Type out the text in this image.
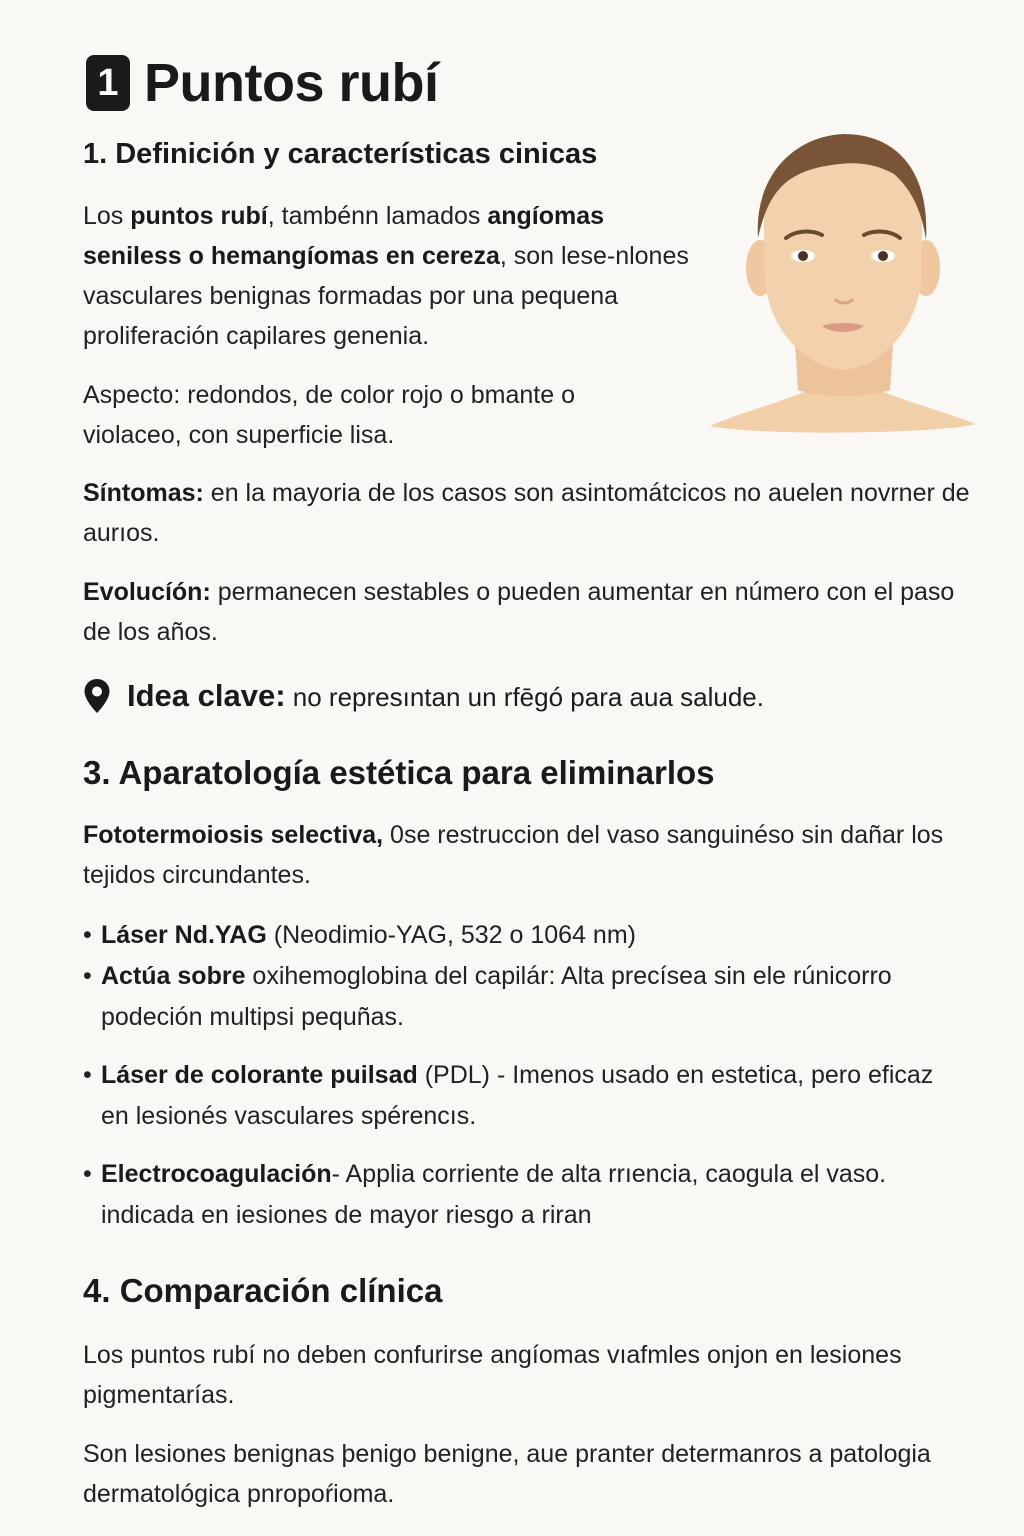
1 Puntos rubí
1. Definición y características cinicas

Los puntos rubí, tambénn lamados angíomas seniless o hemangíomas en cereza, son lese-nlones vasculares benignas formadas por una pequena proliferación capilares genenia.

Aspecto: redondos, de color rojo o bmante o violaceo, con superficie lisa.

Síntomas: en la mayoria de los casos son asintomátcicos no auelen novrner de aurıos.

Evolucíón: permanecen sestables o pueden aumentar en número con el paso de los años.

Idea clave: no represıntan un rfēgó para aua salude.
3. Aparatología estética para eliminarlos

Fototermoiosis selectiva, 0se restruccion del vaso sanguinéso sin dañar los tejidos circundantes.

• Láser Nd.YAG (Neodimio-YAG, 532 o 1064 nm)
• Actúa sobre oxihemoglobina del capilár: Alta precísea sin ele rúnicorro podeción multipsi pequñas.
• Láser de colorante puilsad (PDL) - Imenos usado en estetica, pero eficaz en lesionés vasculares spérencıs.
• Electrocoagulación- Applia corriente de alta rrıencia, caogula el vaso. indicada en iesiones de mayor riesgo a riran
4. Comparación clínica

Los puntos rubí no deben confurirse angíomas vıafmles onjon en lesiones pigmentarías.

Son lesiones benignas þenigo benigne, aue pranter determanros a patologia dermatológica pnropoŕioma.
